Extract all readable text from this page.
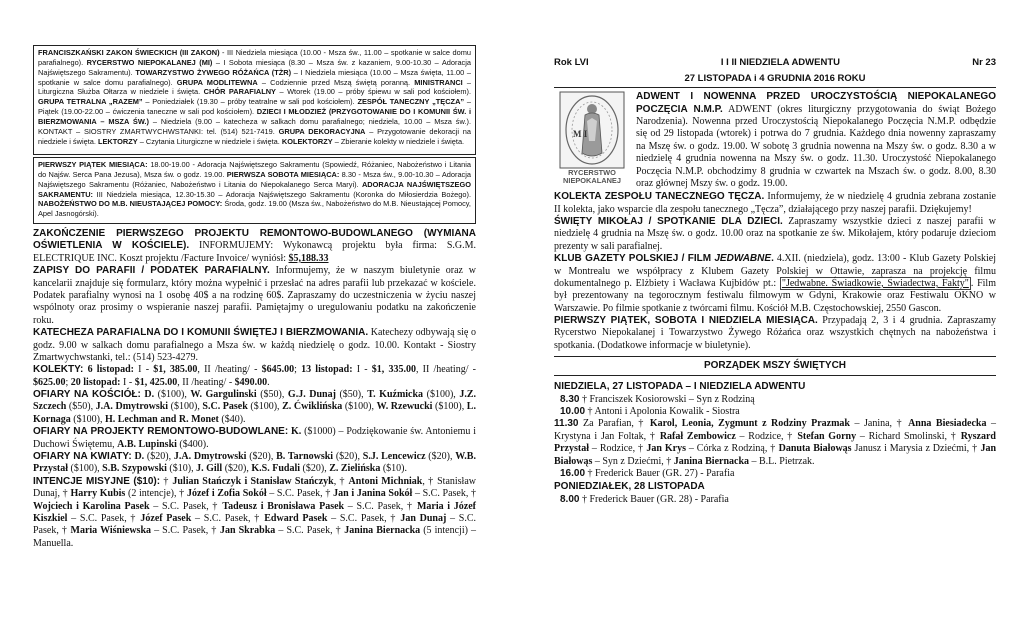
FRANCISZKAŃSKI ZAKON ŚWIECKICH (III ZAKON) - III Niedziela miesiąca (10.00 - Msza św., 11.00 – spotkanie w salce domu parafialnego). RYCERSTWO NIEPOKALANEJ (MI) – I Sobota miesiąca (8.30 – Msza św. z kazaniem, 9.00-10.30 – Adoracja Najświętszego Sakramentu). TOWARZYSTWO ŻYWEGO RÓŻAŃCA (TŻR) – I Niedziela miesiąca (10.00 – Msza święta, 11.00 – spotkanie w salce domu parafialnego). GRUPA MODLITEWNA – Codziennie przed Mszą świętą poranną. MINISTRANCI – Liturgiczna Służba Ołtarza w niedziele i święta. CHÓR PARAFIALNY – Wtorek (19.00 – próby śpiewu w sali pod kościołem). GRUPA TETRALNA „RAZEM” – Poniedziałek (19.30 – próby teatralne w sali pod kościołem). ZESPÓŁ TANECZNY „TĘCZA” – Piątek (19.00-22.00 – ćwiczenia taneczne w sali pod kościołem). DZIECI I MŁODZIEŻ (PRZYGOTOWANIE DO I KOMUNII ŚW. i BIERZMOWANIA – MSZA ŚW.) – Niedziela (9.00 – katecheza w salkach domu parafialnego; niedziela, 10.00 – Msza św.). KONTAKT – SIOSTRY ZMARTWYCHWSTANKI: tel. (514) 521-7419. GRUPA DEKORACYJNA – Przygotowanie dekoracji na niedziele i święta. LEKTORZY – Czytania Liturgiczne w niedziele i święta. KOLEKTORZY – Zbieranie kolekty w niedziele i święta.
PIERWSZY PIĄTEK MIESIĄCA: 18.00-19.00 - Adoracja Najświętszego Sakramentu (Spowiedź, Różaniec, Nabożeństwo i Litania do Najśw. Serca Pana Jezusa), Msza św. o godz. 19.00. PIERWSZA SOBOTA MIESIĄCA: 8.30 - Msza św., 9.00-10.30 – Adoracja Najświętszego Sakramentu (Różaniec, Nabożeństwo i Litania do Niepokalanego Serca Maryi). ADORACJA NAJŚWIĘTSZEGO SAKRAMENTU: III Niedziela miesiąca, 12.30-15.30 – Adoracja Najświętszego Sakramentu (Koronka do Miłosierdzia Bożego). NABOŻEŃSTWO DO M.B. NIEUSTAJĄCEJ POMOCY: Środa, godz. 19.00 (Msza św., Nabożeństwo do M.B. Nieustającej Pomocy, Apel Jasnogórski).

ZAKOŃCZENIE PIERWSZEGO PROJEKTU REMONTOWO-BUDOWLANEGO (WYMIANA OŚWIETLENIA W KOŚCIELE). INFORMUJEMY: Wykonawcą projektu była firma: S.G.M. ELECTRIQUE INC. Koszt projektu /Facture Invoice/ wyniósł: $5,188.33

ZAPISY DO PARAFII / PODATEK PARAFIALNY. Informujemy, że w naszym biuletynie oraz w kancelarii znajduje się formularz, który można wypełnić i przesłać na adres parafii lub przekazać w kościele. Podatek parafialny wynosi na 1 osobę 40$ a na rodzinę 60$. Zapraszamy do uczestniczenia w życiu naszej wspólnoty oraz prosimy o wspieranie naszej parafii. Pamiętajmy o uregulowaniu podatku na zakończenie roku.

KATECHEZA PARAFIALNA DO I KOMUNII ŚWIĘTEJ I BIERZMOWANIA. Katechezy odbywają się o godz. 9.00 w salkach domu parafialnego a Msza św. w każdą niedzielę o godz. 10.00. Kontakt - Siostry Zmartwychwstanki, tel.: (514) 523-4279.

KOLEKTY: 6 listopad: I - $1, 385.00, II /heating/ - $645.00; 13 listopad: I - $1, 335.00, II /heating/ - $625.00; 20 listopad: I - $1, 425.00, II /heating/ - $490.00.

OFIARY NA KOŚCIÓŁ: D. ($100), W. Gargulinski ($50), G.J. Dunaj ($50), T. Kuźmicka ($100), J.Z. Szczech ($50), J.A. Dmytrowski ($100), S.C. Pasek ($100), Z. Ćwiklińska ($100), W. Rzewucki ($100), L. Kornaga ($100), H. Lechman and R. Monet ($40).

OFIARY NA PROJEKTY REMONTOWO-BUDOWLANE: K. ($1000) – Podziękowanie św. Antoniemu i Duchowi Świętemu, A.B. Lupinski ($400).

OFIARY NA KWIATY: D. ($20), J.A. Dmytrowski ($20), B. Tarnowski ($20), S.J. Lencewicz ($20), W.B. Przystał ($100), S.B. Szypowski ($10), J. Gill ($20), K.S. Fudali ($20), Z. Zielińska ($10).

INTENCJE MISYJNE ($10): † Julian Stańczyk i Stanisław Stańczyk, † Antoni Michniak, † Stanisław Dunaj, † Harry Kubis (2 intencje), † Józef i Zofia Sokół – S.C. Pasek, † Jan i Janina Sokół – S.C. Pasek, † Wojciech i Karolina Pasek – S.C. Pasek, † Tadeusz i Bronisława Pasek – S.C. Pasek, † Maria i Józef Kiszkiel – S.C. Pasek, † Józef Pasek – S.C. Pasek, † Edward Pasek – S.C. Pasek, † Jan Dunaj – S.C. Pasek, † Maria Wiśniewska – S.C. Pasek, † Jan Skrabka – S.C. Pasek, † Janina Biernacka (5 intencji) – Manuella.

Rok LVI	I I II NIEDZIELA ADWENTU	Nr 23
27 LISTOPADA i 4 GRUDNIA 2016 ROKU
M I
RYCERSTWO
NIEPOKALANEJ

ADWENT I NOWENNA PRZED UROCZYSTOŚCIĄ NIEPOKALANEGO POCZĘCIA N.M.P. ADWENT (okres liturgiczny przygotowania do świąt Bożego Narodzenia). Nowenna przed Uroczystością Niepokalanego Poczęcia N.M.P. odbędzie się od 29 listopada (wtorek) i potrwa do 7 grudnia. Każdego dnia nowenny zapraszamy na Mszę św. o godz. 19.00. W sobotę 3 grudnia nowenna na Mszy św. o godz. 8.30 a w niedzielę 4 grudnia nowenna na Mszy św. o godz. 11.30. Uroczystość Niepokalanego Poczęcia N.M.P. obchodzimy 8 grudnia w czwartek na Mszach św. o godz. 8.00, 8.30 oraz głównej Mszy św. o godz. 19.00.

KOLEKTA ZESPOŁU TANECZNEGO TĘCZA. Informujemy, że w niedzielę 4 grudnia zebrana zostanie II kolekta, jako wsparcie dla zespołu tanecznego „Tęcza”, działającego przy naszej parafii. Dziękujemy!

ŚWIĘTY MIKOŁAJ / SPOTKANIE DLA DZIECI. Zapraszamy wszystkie dzieci z naszej parafii w niedzielę 4 grudnia na Mszę św. o godz. 10.00 oraz na spotkanie ze św. Mikołajem, który podaruje dzieciom prezenty w sali parafialnej.

KLUB GAZETY POLSKIEJ / FILM JEDWABNE. 4.XII. (niedziela), godz. 13:00 - Klub Gazety Polskiej w Montrealu we współpracy z Klubem Gazety Polskiej w Ottawie, zaprasza na projekcję filmu dokumentalnego p. Elżbiety i Wacława Kujbidów pt.: "Jedwabne. Świadkowie, Świadectwa, Fakty" . Film był prezentowany na tegorocznym festiwalu filmowym w Gdyni, Krakowie oraz Festiwalu OKNO w Warszawie. Po filmie spotkanie z twórcami filmu. Kościół M.B. Częstochowskiej, 2550 Gascon.

PIERWSZY PIĄTEK, SOBOTA I NIEDZIELA MIESIĄCA. Przypadają 2, 3 i 4 grudnia. Zapraszamy Rycerstwo Niepokalanej i Towarzystwo Żywego Różańca oraz wszystkich chętnych na nabożeństwa i spotkania. (Dodatkowe informacje w biuletynie).

PORZĄDEK MSZY ŚWIĘTYCH
NIEDZIELA, 27 LISTOPADA – I NIEDZIELA ADWENTU

8.30 † Franciszek Kosiorowski – Syn z Rodziną

10.00 † Antoni i Apolonia Kowalik - Siostra

11.30 Za Parafian, † Karol, Leonia, Zygmunt z Rodziny Prazmak – Janina, † Anna Biesiadecka – Krystyna i Jan Foltak, † Rafał Zembowicz – Rodzice, † Stefan Gorny – Richard Smolinski, † Ryszard Przystał – Rodzice, † Jan Krys – Córka z Rodziną, † Danuta Białowąs Janusz i Marysia z Dziećmi, † Jan Białowąs – Syn z Dziećmi, † Janina Biernacka – B.L. Pietrzak.

16.00 † Frederick Bauer (GR. 27) - Parafia

PONIEDZIAŁEK, 28 LISTOPADA

8.00 † Frederick Bauer (GR. 28) - Parafia
